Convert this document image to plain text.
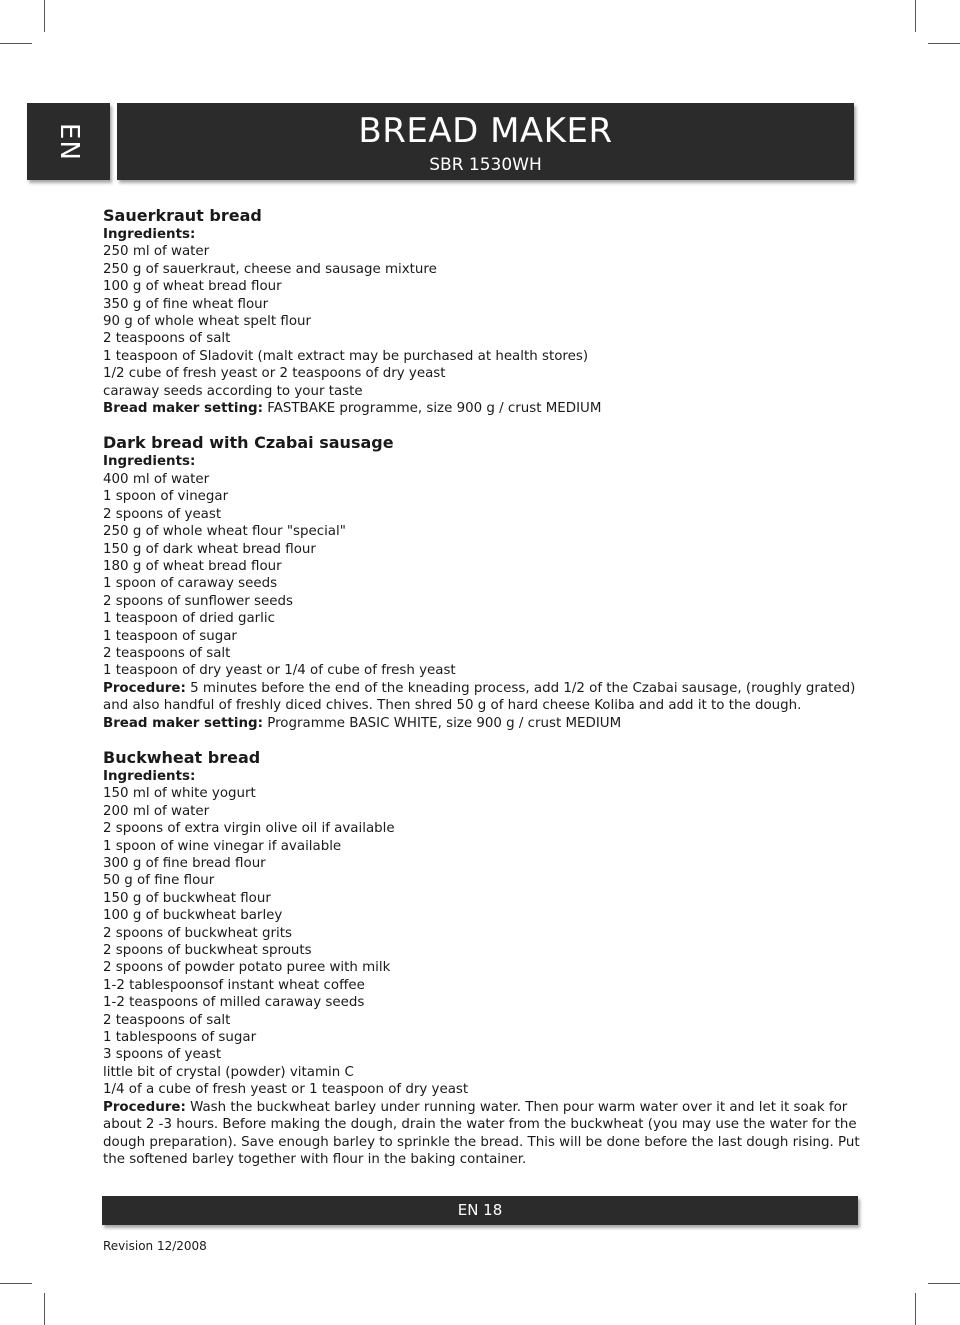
EN	BREAD MAKER
SBR 1530WH
Sauerkraut bread
Ingredients:
250 ml of water
250 g of sauerkraut, cheese and sausage mixture
100 g of wheat bread flour
350 g of fine wheat flour
90 g of whole wheat spelt flour
2 teaspoons of salt
1 teaspoon of Sladovit (malt extract may be purchased at health stores)
1/2 cube of fresh yeast or 2 teaspoons of dry yeast
caraway seeds according to your taste
Bread maker setting: FASTBAKE programme, size 900 g / crust MEDIUM
Dark bread with Czabai sausage
Ingredients:
400 ml of water
1 spoon of vinegar
2 spoons of yeast
250 g of whole wheat flour "special"
150 g of dark wheat bread flour
180 g of wheat bread flour
1 spoon of caraway seeds
2 spoons of sunflower seeds
1 teaspoon of dried garlic
1 teaspoon of sugar
2 teaspoons of salt
1 teaspoon of dry yeast or 1/4 of cube of fresh yeast
Procedure: 5 minutes before the end of the kneading process, add 1/2 of the Czabai sausage, (roughly grated) and also handful of freshly diced chives. Then shred 50 g of hard cheese Koliba and add it to the dough.
Bread maker setting: Programme BASIC WHITE, size 900 g / crust MEDIUM
Buckwheat bread
Ingredients:
150 ml of white yogurt
200 ml of water
2 spoons of extra virgin olive oil if available
1 spoon of wine vinegar if available
300 g of fine bread flour
50 g of fine flour
150 g of buckwheat flour
100 g of buckwheat barley
2 spoons of buckwheat grits
2 spoons of buckwheat sprouts
2 spoons of powder potato puree with milk
1-2 tablespoonsof instant wheat coffee
1-2 teaspoons of milled caraway seeds
2 teaspoons of salt
1 tablespoons of sugar
3 spoons of yeast
little bit of crystal (powder) vitamin C
1/4 of a cube of fresh yeast or 1 teaspoon of dry yeast
Procedure: Wash the buckwheat barley under running water. Then pour warm water over it and let it soak for about 2 -3 hours. Before making the dough, drain the water from the buckwheat (you may use the water for the dough preparation). Save enough barley to sprinkle the bread. This will be done before the last dough rising. Put the softened barley together with flour in the baking container.
EN 18
Revision 12/2008
